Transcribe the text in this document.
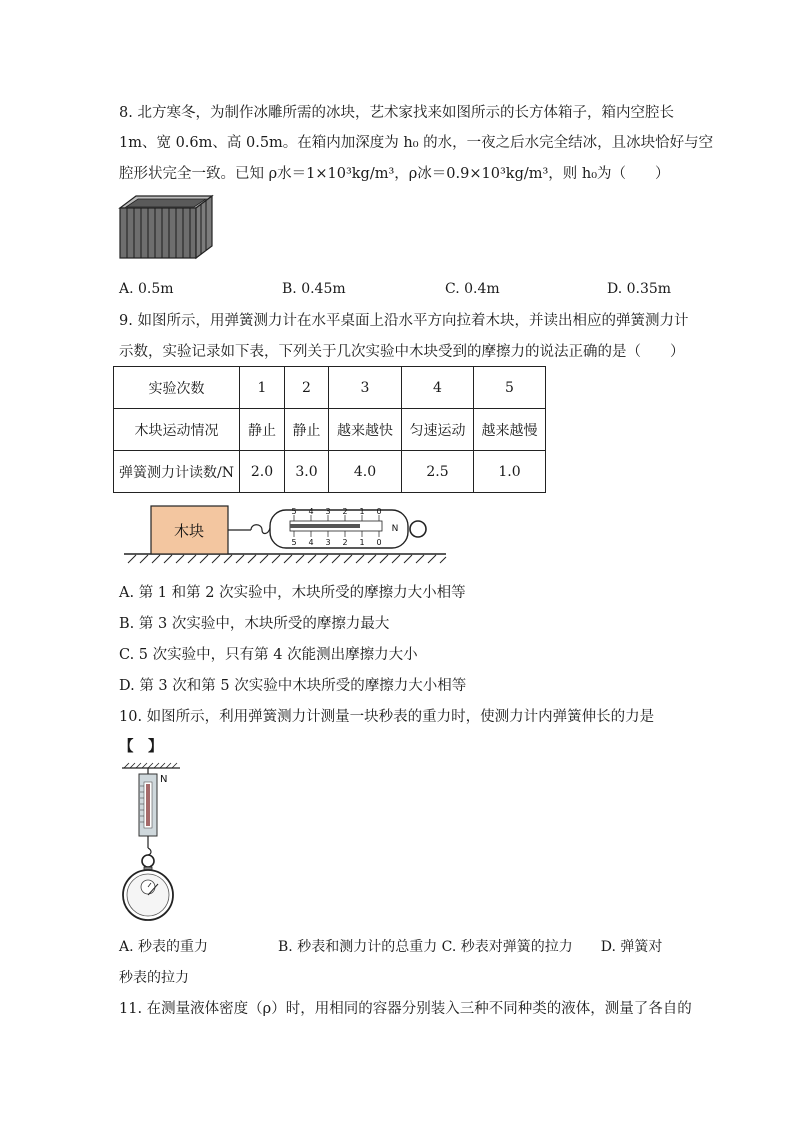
8. 北方寒冬，为制作冰雕所需的冰块，艺术家找来如图所示的长方体箱子，箱内空腔长
1m、宽 0.6m、高 0.5m。在箱内加深度为 h₀ 的水，一夜之后水完全结冰，且冰块恰好与空
腔形状完全一致。已知 ρ水＝1×10³kg/m³，ρ冰＝0.9×10³kg/m³，则 h₀为（　　）
A. 0.5m	B. 0.45m	C. 0.4m	D. 0.35m
9. 如图所示，用弹簧测力计在水平桌面上沿水平方向拉着木块，并读出相应的弹簧测力计
示数，实验记录如下表，下列关于几次实验中木块受到的摩擦力的说法正确的是（　　）
实验次数	1	2	3	4	5
木块运动情况	静止	静止	越来越快	匀速运动	越来越慢
弹簧测力计读数/N	2.0	3.0	4.0	2.5	1.0
木块
5 4 3 2 1 0
5 4 3 2 1 0
N
A. 第 1 和第 2 次实验中，木块所受的摩擦力大小相等
B. 第 3 次实验中，木块所受的摩擦力最大
C. 5 次实验中，只有第 4 次能测出摩擦力大小
D. 第 3 次和第 5 次实验中木块所受的摩擦力大小相等
10. 如图所示，利用弹簧测力计测量一块秒表的重力时，使测力计内弹簧伸长的力是
【　】
N
A. 秒表的重力　　　　　B. 秒表和测力计的总重力 C. 秒表对弹簧的拉力　　D. 弹簧对
秒表的拉力
11. 在测量液体密度（ρ）时，用相同的容器分别装入三种不同种类的液体，测量了各自的
